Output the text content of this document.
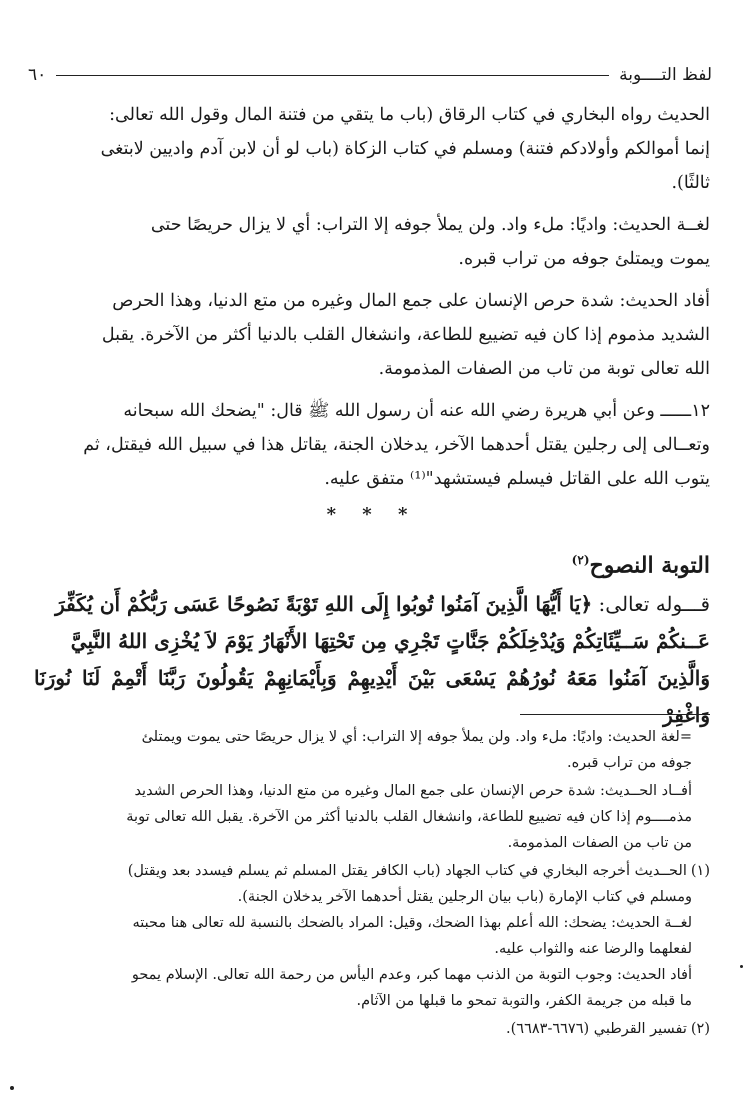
لفظ التــــوبة
٦٠

الحديث رواه البخاري في كتاب الرقاق (باب ما يتقي من فتنة المال وقول الله تعالى:

إنما أموالكم وأولادكم فتنة) ومسلم في كتاب الزكاة (باب لو أن لابن آدم واديين لابتغى

ثالثًا).

لغــة الحديث: واديًا: ملء واد. ولن يملأ جوفه إلا التراب: أي لا يزال حريصًا حتى

يموت ويمتلئ جوفه من تراب قبره.

أفاد الحديث: شدة حرص الإنسان على جمع المال وغيره من متع الدنيا، وهذا الحرص

الشديد مذموم إذا كان فيه تضييع للطاعة، وانشغال القلب بالدنيا أكثر من الآخرة. يقبل

الله تعالى توبة من تاب من الصفات المذمومة.

١٢ــــــ وعن أبي هريرة رضي الله عنه أن رسول الله ﷺ قال: "يضحك الله سبحانه

وتعــالى إلى رجلين يقتل أحدهما الآخر، يدخلان الجنة، يقاتل هذا في سبيل الله فيقتل، ثم

يتوب الله على القاتل فيسلم فيستشهد"⁽¹⁾ متفق عليه.

* * *
التوبة النصوح$^{(٢)}$

قـــوله تعالى: ﴿يَا أَيُّهَا الَّذِينَ آمَنُوا تُوبُوا إِلَى اللهِ تَوْبَةً نَصُوحًا عَسَى رَبُّكُمْ أَن يُكَفِّرَ

عَــنكُمْ سَــيِّئَاتِكُمْ وَيُدْخِلَكُمْ جَنَّاتٍ تَجْرِي مِن تَحْتِهَا الأَنْهَارُ يَوْمَ لاَ يُخْزِى اللهُ النَّبِيَّ

وَالَّذِينَ آمَنُوا مَعَهُ نُورُهُمْ يَسْعَى بَيْنَ أَيْدِيهِمْ وَبِأَيْمَانِهِمْ يَقُولُونَ رَبَّنَا أَتْمِمْ لَنَا نُورَنَا وَاغْفِرْ

=لغة الحديث: واديًا: ملء واد. ولن يملأ جوفه إلا التراب: أي لا يزال حريصًا حتى يموت ويمتلئ
جوفه من تراب قبره.
أفــاد الحــديث: شدة حرص الإنسان على جمع المال وغيره من متع الدنيا، وهذا الحرص الشديد
مذمــــوم إذا كان فيه تضييع للطاعة، وانشغال القلب بالدنيا أكثر من الآخرة. يقبل الله تعالى توبة
من تاب من الصفات المذمومة.
(١)الحــديث أخرجه البخاري في كتاب الجهاد (باب الكافر يقتل المسلم ثم يسلم فيسدد بعد ويقتل)
ومسلم في كتاب الإمارة (باب بيان الرجلين يقتل أحدهما الآخر يدخلان الجنة).
لغــة الحديث: يضحك: الله أعلم بهذا الضحك، وقيل: المراد بالضحك بالنسبة لله تعالى هنا محبته
لفعلهما والرضا عنه والثواب عليه.
أفاد الحديث: وجوب التوبة من الذنب مهما كبر، وعدم اليأس من رحمة الله تعالى. الإسلام يمحو
ما قبله من جريمة الكفر، والتوبة تمحو ما قبلها من الآثام.
(٢)تفسير القرطبي (٦٦٧٦-٦٦٨٣).
